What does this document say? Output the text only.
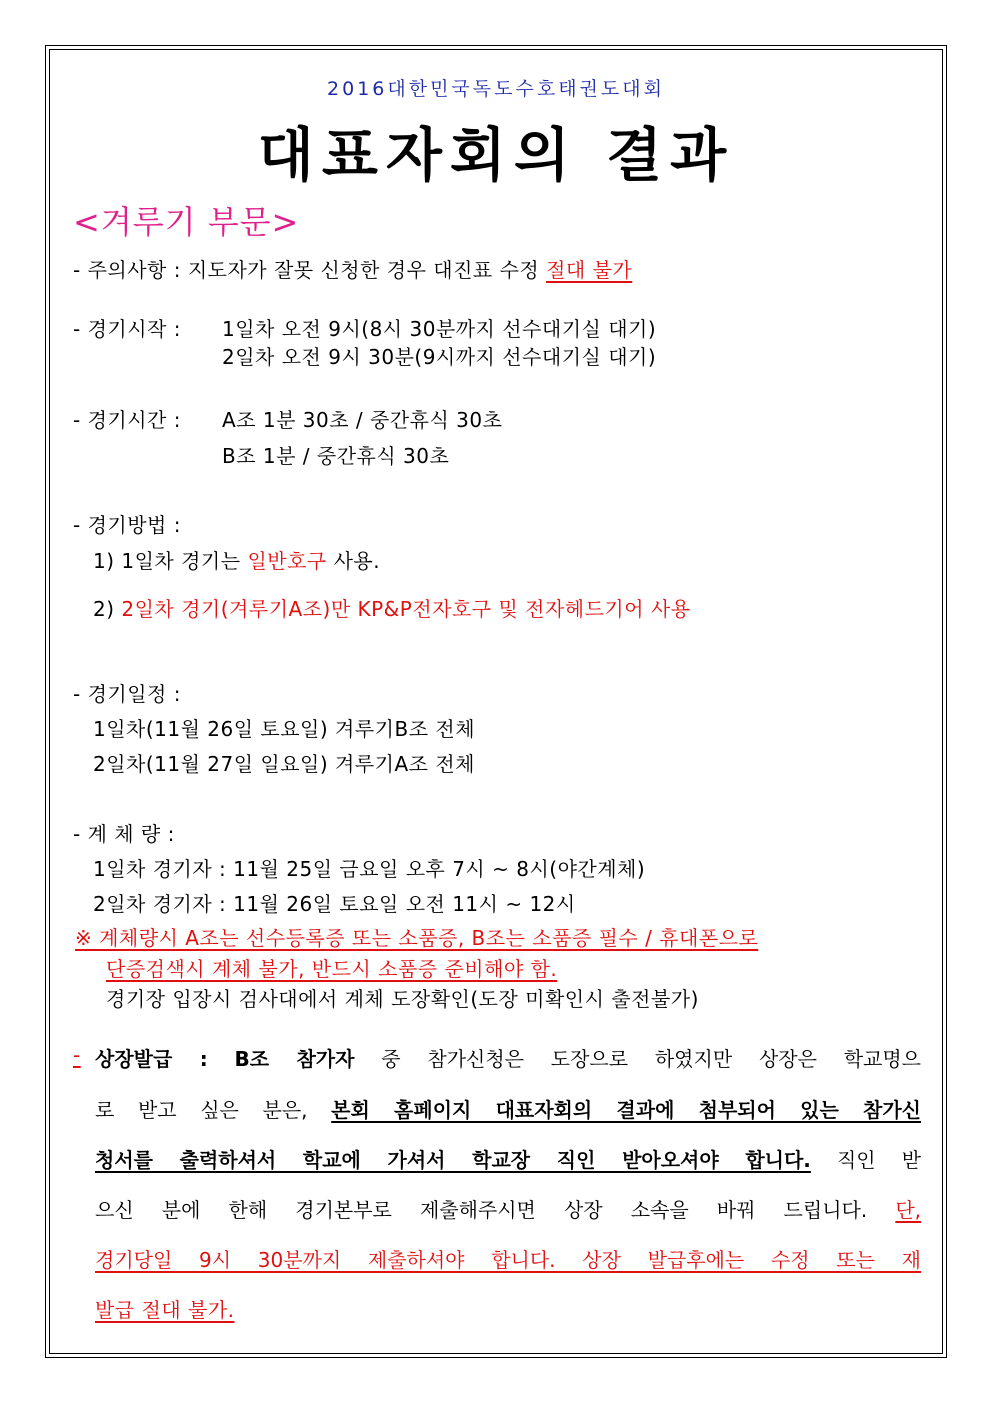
2016대한민국독도수호태권도대회
대표자회의 결과
<겨루기 부문>
- 주의사항 : 지도자가 잘못 신청한 경우 대진표 수정 절대 불가
- 경기시작 : 1일차 오전 9시(8시 30분까지 선수대기실 대기)
2일차 오전 9시 30분(9시까지 선수대기실 대기)
- 경기시간 : A조 1분 30초 / 중간휴식 30초
B조 1분 / 중간휴식 30초
- 경기방법 :
1) 1일차 경기는 일반호구 사용.
2) 2일차 경기(겨루기A조)만 KP&P전자호구 및 전자헤드기어 사용
- 경기일정 :
1일차(11월 26일 토요일) 겨루기B조 전체
2일차(11월 27일 일요일) 겨루기A조 전체
- 계 체 량 :
1일차 경기자 : 11월 25일 금요일 오후 7시 ~ 8시(야간계체)
2일차 경기자 : 11월 26일 토요일 오전 11시 ~ 12시
※ 계체량시 A조는 선수등록증 또는 소품증, B조는 소품증 필수 / 휴대폰으로
단증검색시 계체 불가, 반드시 소품증 준비해야 함.
경기장 입장시 검사대에서 계체 도장확인(도장 미확인시 출전불가)
- 상장발급 : B조 참가자 중 참가신청은 도장으로 하였지만 상장은 학교명으
로 받고 싶은 분은, 본회 홈페이지 대표자회의 결과에 첨부되어 있는 참가신
청서를 출력하셔서 학교에 가셔서 학교장 직인 받아오셔야 합니다. 직인 받
으신 분에 한해 경기본부로 제출해주시면 상장 소속을 바꿔 드립니다. 단,
경기당일 9시 30분까지 제출하셔야 합니다. 상장 발급후에는 수정 또는 재
발급 절대 불가.
